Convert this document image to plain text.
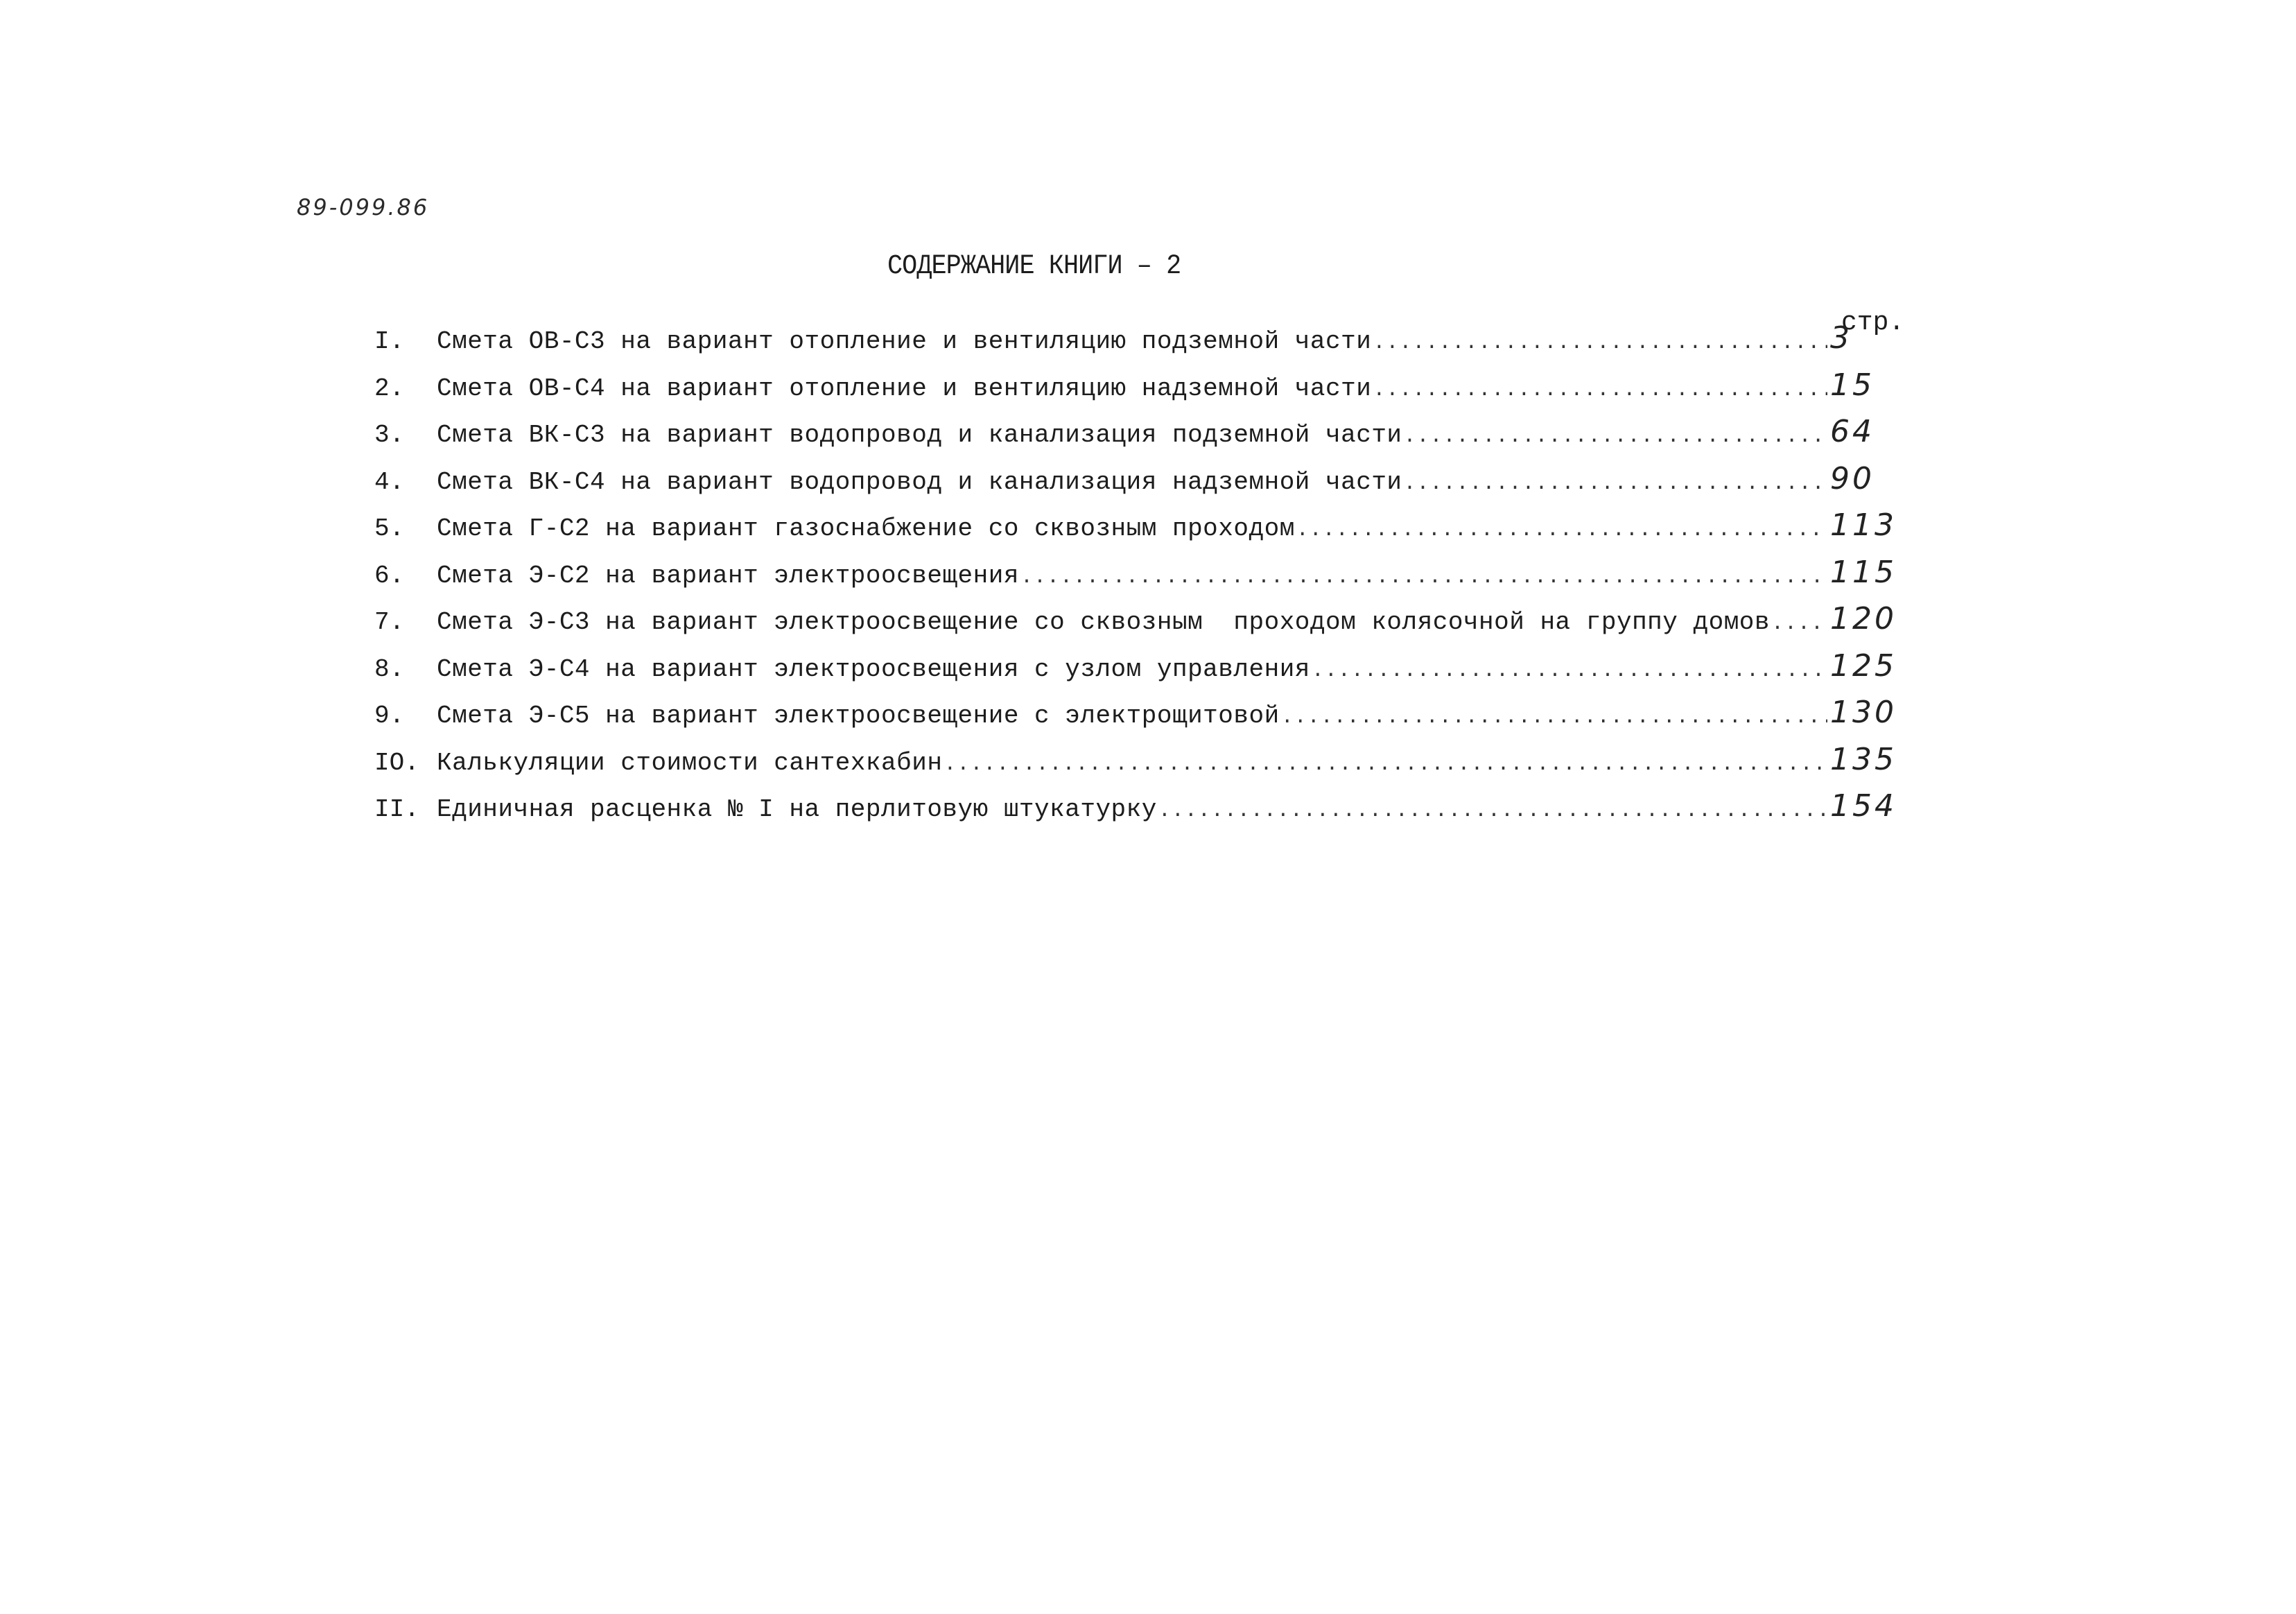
89-099.86
СОДЕРЖАНИЕ КНИГИ – 2
стр.
I.	Смета ОВ-С3 на вариант отопление и вентиляцию подземной части .....	3
2.	Смета ОВ-С4 на вариант отопление и вентиляцию надземной части .....	15
3.	Смета ВК-С3 на вариант водопровод и канализация подземной части .....	64
4.	Смета ВК-С4 на вариант водопровод и канализация надземной части .....	90
5.	Смета Г-С2 на вариант газоснабжение со сквозным проходом .....	113
6.	Смета Э-С2 на вариант электроосвещения .....	115
7.	Смета Э-С3 на вариант электроосвещение со сквозным  проходом колясочной на группу домов ..... 120
8.	Смета Э-С4 на вариант электроосвещения с узлом управления .....	125
9.	Смета Э-С5 на вариант электроосвещение с электрощитовой .....	130
IO. Калькуляции стоимости сантехкабин .....	135
II. Единичная расценка № I на перлитовую штукатурку .....	154
